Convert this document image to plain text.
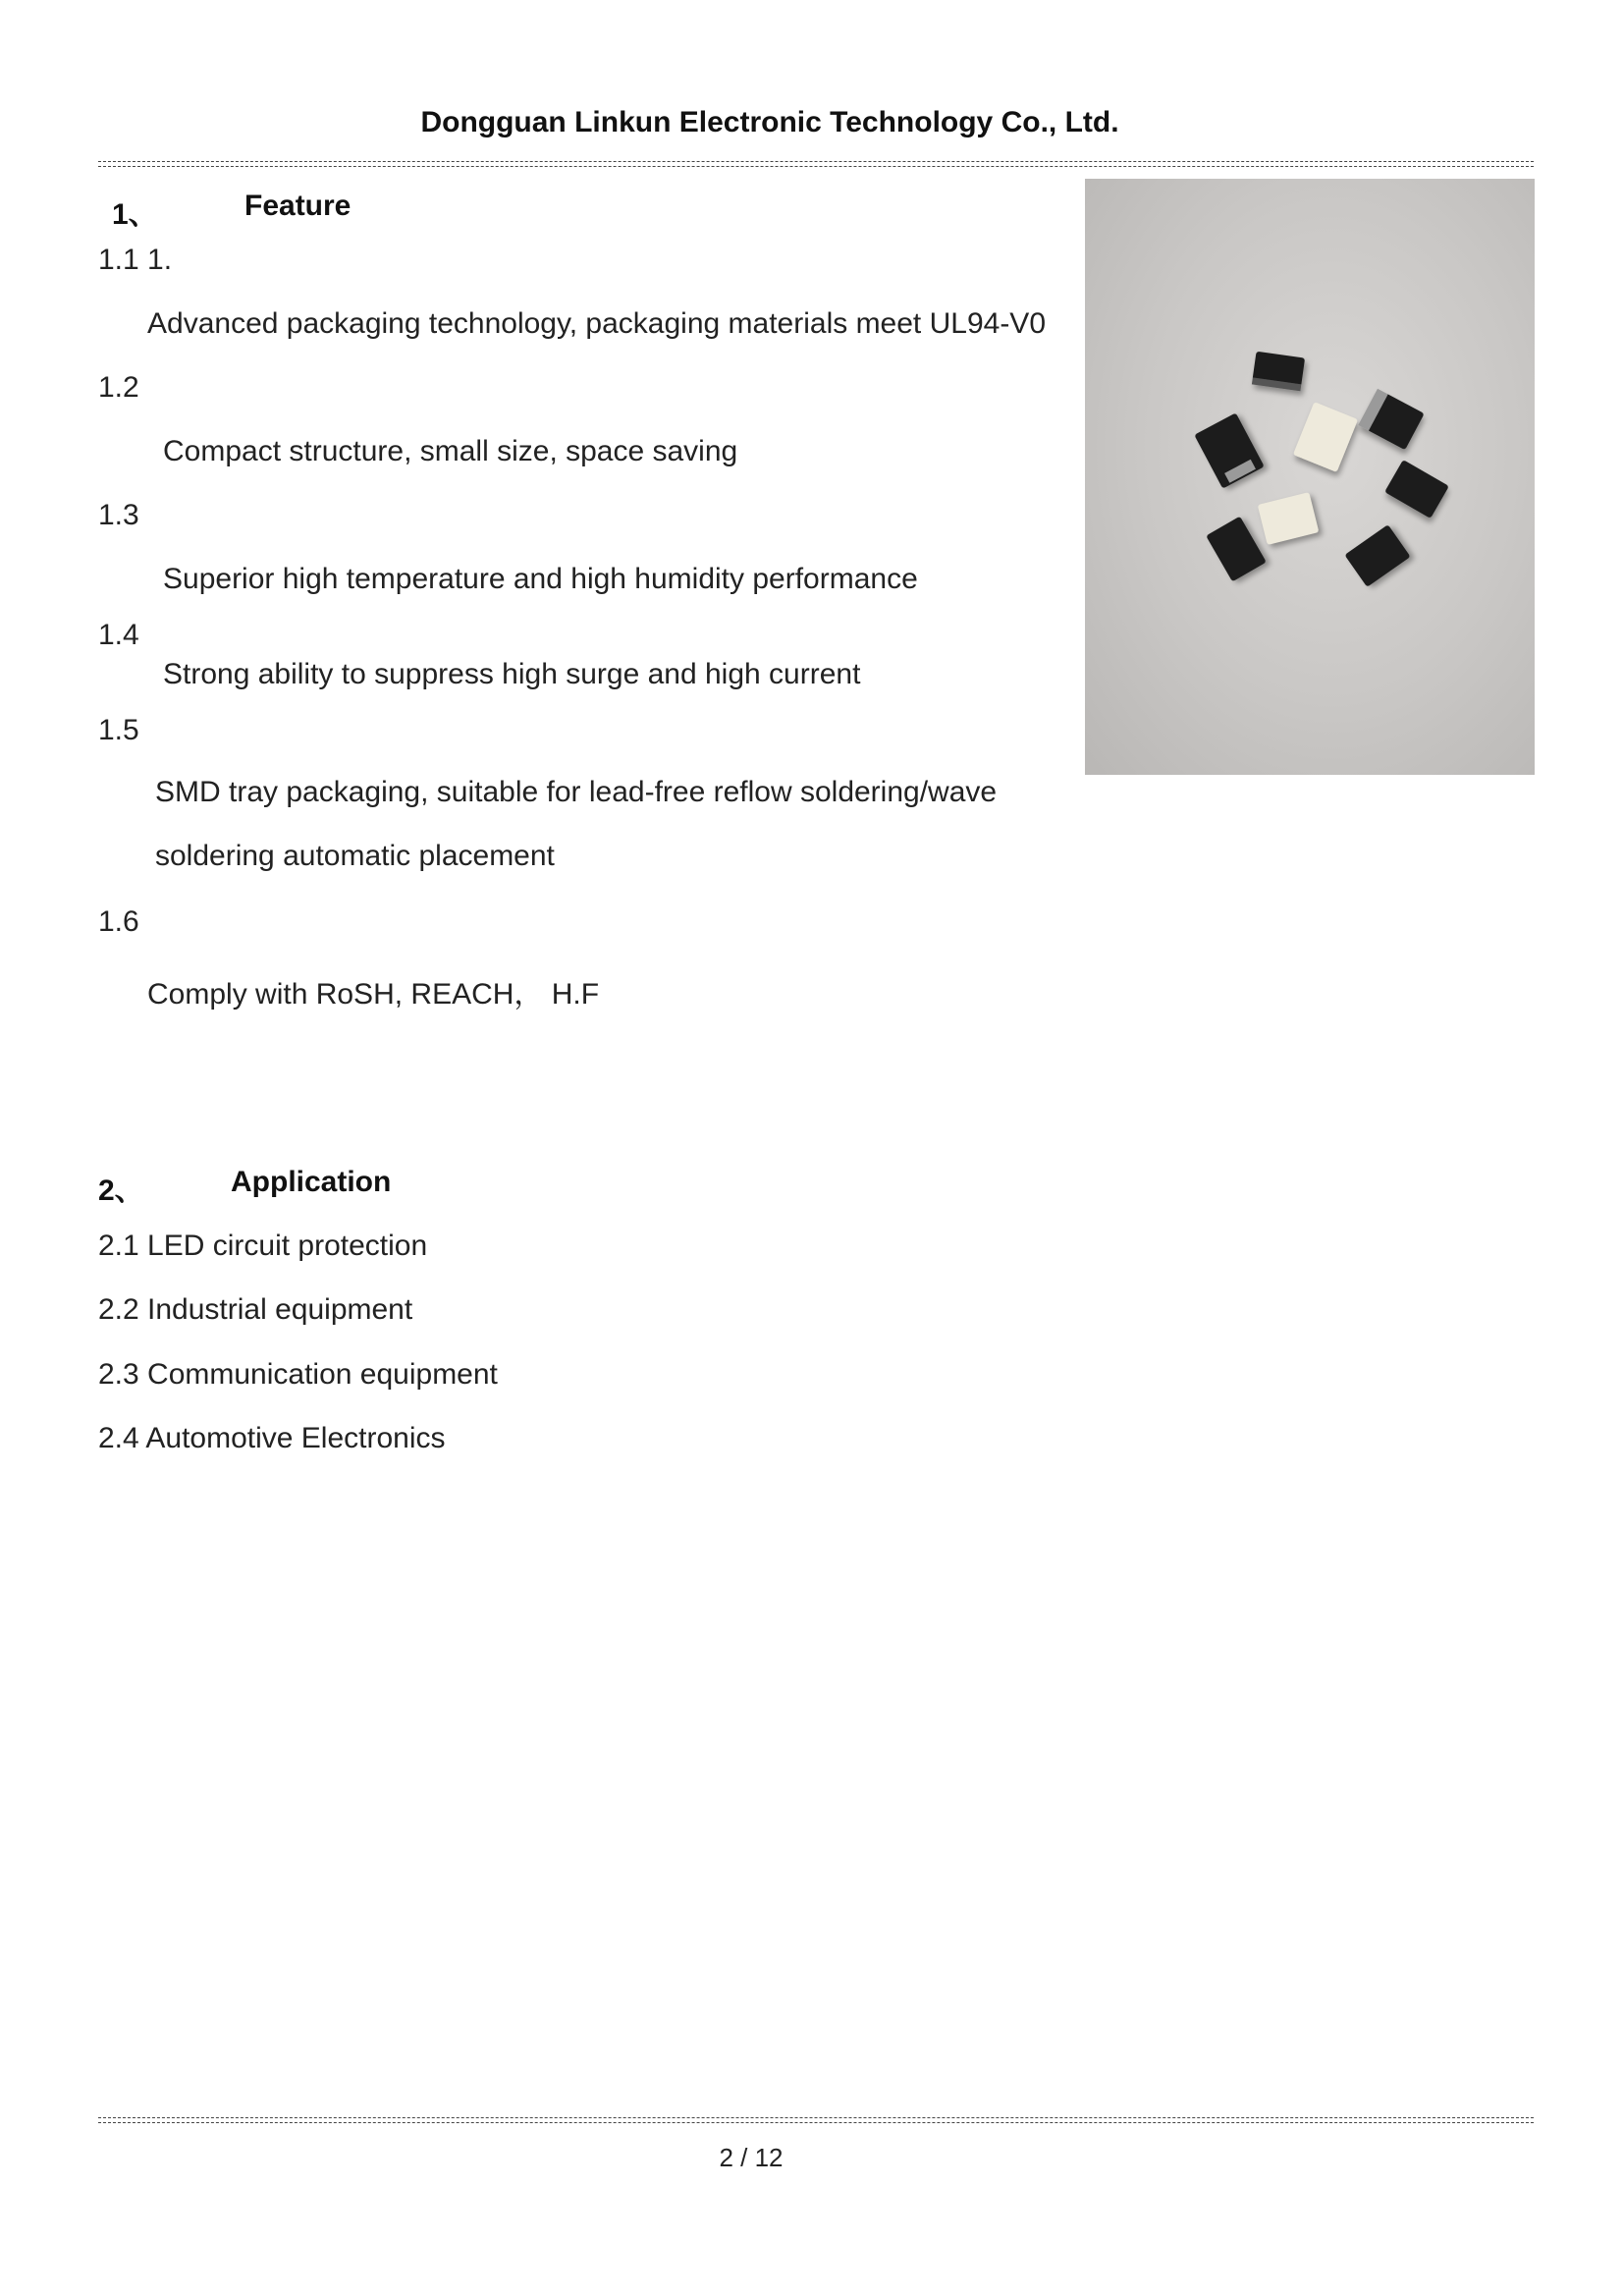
Dongguan Linkun Electronic Technology Co., Ltd.
1、	Feature
1.1 1.
Advanced packaging technology, packaging materials meet UL94-V0
1.2
Compact structure, small size, space saving
1.3
Superior high temperature and high humidity performance
1.4
Strong ability to suppress high surge and high current
1.5
SMD tray packaging, suitable for lead-free reflow soldering/wave
soldering automatic placement
1.6
Comply with RoSH, REACH， H.F
2、	Application
2.1 LED circuit protection
2.2 Industrial equipment
2.3 Communication equipment
2.4 Automotive Electronics
2 / 12
